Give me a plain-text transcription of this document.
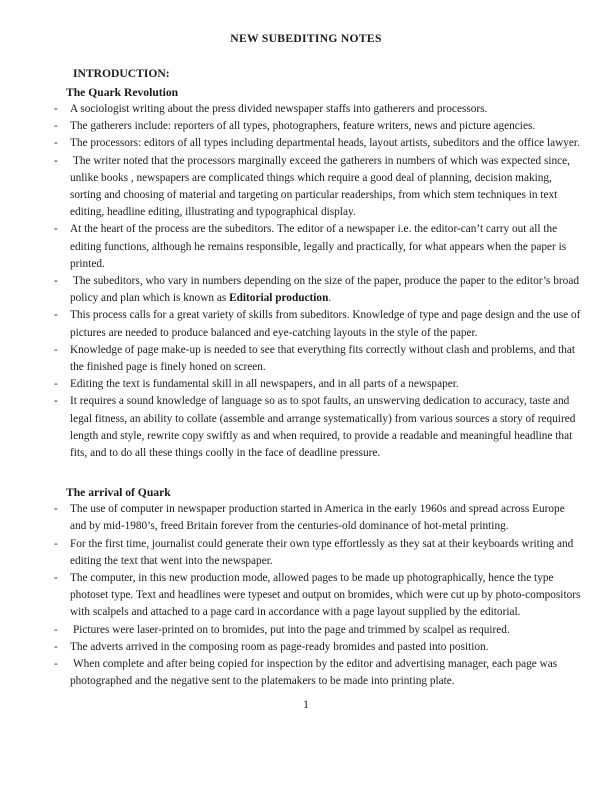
NEW SUBEDITING NOTES
INTRODUCTION:
The Quark Revolution
- A sociologist writing about the press divided newspaper staffs into gatherers and processors.
- The gatherers include: reporters of all types, photographers, feature writers, news and picture agencies.
- The processors: editors of all types including departmental heads, layout artists, subeditors and the office lawyer.
- The writer noted that the processors marginally exceed the gatherers in numbers of which was expected since, unlike books , newspapers are complicated things which require a good deal of planning, decision making, sorting and choosing of material and targeting on particular readerships, from which stem techniques in text editing, headline editing, illustrating and typographical display.
- At the heart of the process are the subeditors. The editor of a newspaper i.e. the editor-can’t carry out all the editing functions, although he remains responsible, legally and practically, for what appears when the paper is printed.
- The subeditors, who vary in numbers depending on the size of the paper, produce the paper to the editor’s broad policy and plan which is known as Editorial production.
- This process calls for a great variety of skills from subeditors. Knowledge of type and page design and the use of pictures are needed to produce balanced and eye-catching layouts in the style of the paper.
- Knowledge of page make-up is needed to see that everything fits correctly without clash and problems, and that the finished page is finely honed on screen.
- Editing the text is fundamental skill in all newspapers, and in all parts of a newspaper.
- It requires a sound knowledge of language so as to spot faults, an unswerving dedication to accuracy, taste and legal fitness, an ability to collate (assemble and arrange systematically) from various sources a story of required length and style, rewrite copy swiftly as and when required, to provide a readable and meaningful headline that fits, and to do all these things coolly in the face of deadline pressure.
The arrival of Quark
- The use of computer in newspaper production started in America in the early 1960s and spread across Europe and by mid-1980’s, freed Britain forever from the centuries-old dominance of hot-metal printing.
- For the first time, journalist could generate their own type effortlessly as they sat at their keyboards writing and editing the text that went into the newspaper.
- The computer, in this new production mode, allowed pages to be made up photographically, hence the type photoset type. Text and headlines were typeset and output on bromides, which were cut up by photo-compositors with scalpels and attached to a page card in accordance with a page layout supplied by the editorial.
- Pictures were laser-printed on to bromides, put into the page and trimmed by scalpel as required.
- The adverts arrived in the composing room as page-ready bromides and pasted into position.
-	When complete and after being copied for inspection by the editor and advertising manager, each page was photographed and the negative sent to the platemakers to be made into printing plate.
1
